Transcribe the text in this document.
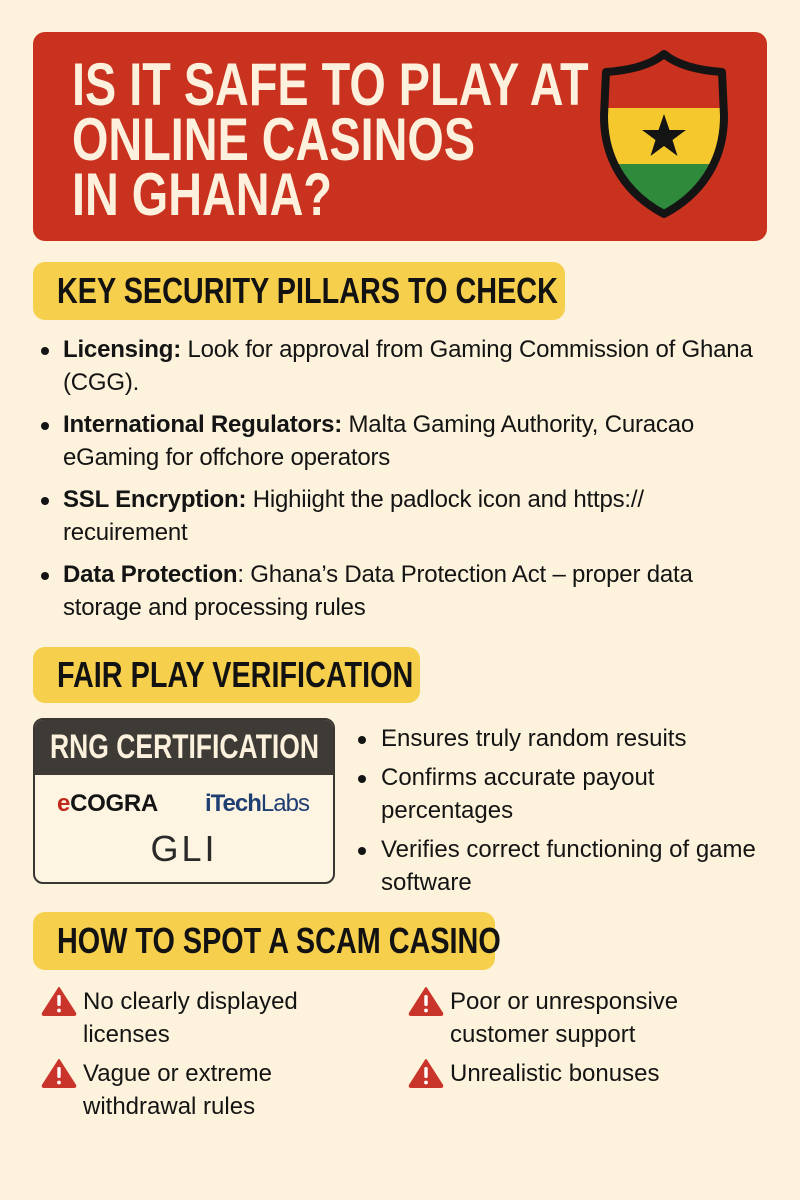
IS IT SAFE TO PLAY AT
ONLINE CASINOS
IN GHANA?
KEY SECURITY PILLARS TO CHECK
Licensing: Look for approval from Gaming Commission of Ghana (CGG).
International Regulators: Malta Gaming Authority, Curacao eGaming for offchore operators
SSL Encryption: Highiight the padlock icon and https:// recuirement
Data Protection: Ghana’s Data Protection Act – proper data storage and processing rules
FAIR PLAY VERIFICATION
RNG CERTIFICATION
eCOGRA iTechLabs
GLI
Ensures truly random resuits
Confirms accurate payout percentages
Verifies correct functioning of game software
HOW TO SPOT A SCAM CASINO
No clearly displayed licenses
Vague or extreme withdrawal rules
Poor or unresponsive customer support
Unrealistic bonuses
